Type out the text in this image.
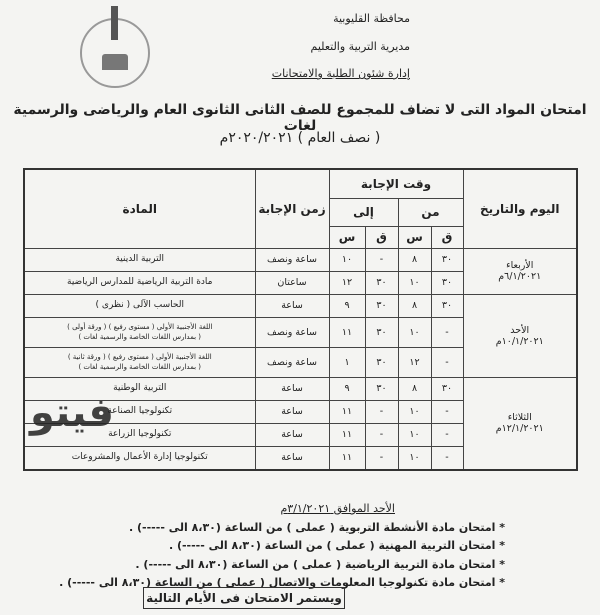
محافظة القليوبية
مديرية التربية والتعليم
إدارة شئون الطلبة والامتحانات
امتحان المواد التى لا تضاف للمجموع للصف الثانى الثانوى العام والرياضى والرسمية لغات
( نصف العام ) ٢٠٢٠/٢٠٢١م
اليوم والتاريخ	وقت الإجابة				زمن الإجابة	المادة
	من		إلى			
	ق	س	ق	س		

الأربعاء
٦/١/٢٠٢١م	٣٠	٨	-	١٠	ساعة ونصف	التربية الدينية

	٣٠	١٠	٣٠	١٢	ساعتان	مادة التربية الرياضية للمدارس الرياضية

الأحد
١٠/١/٢٠٢١م	٣٠	٨	٣٠	٩	ساعة	الحاسب الآلى ( نظرى )

	-	١٠	٣٠	١١	ساعة ونصف	اللغة الأجنبية الأولى ( مستوى رفيع ) ( ورقة أولى )
( بمدارس اللغات الخاصة والرسمية لغات )

	-	١٢	٣٠	١	ساعة ونصف	اللغة الأجنبية الأولى ( مستوى رفيع ) ( ورقة ثانية )
( بمدارس اللغات الخاصة والرسمية لغات )

الثلاثاء
١٢/١/٢٠٢١م	٣٠	٨	٣٠	٩	ساعة	التربية الوطنية

	-	١٠	-	١١	ساعة	تكنولوجيا الصناعة

	-	١٠	-	١١	ساعة	تكنولوجيا الزراعة

	-	١٠	-	١١	ساعة	تكنولوجيا إدارة الأعمال والمشروعات
فيتو
الأحد الموافق ٣/١/٢٠٢١م
* امتحان مادة الأنشطة التربوية ( عملى ) من الساعة (٨،٣٠ الى -----) .
* امتحان التربية المهنية ( عملى ) من الساعة (٨،٣٠ الى -----) .
* امتحان مادة التربية الرياضية ( عملى ) من الساعة (٨،٣٠ الى -----) .
* امتحان مادة تكنولوجيا المعلومات والاتصال ( عملى ) من الساعة (٨،٣٠ الى -----) .
ويستمر الامتحان فى الأيام التالية
